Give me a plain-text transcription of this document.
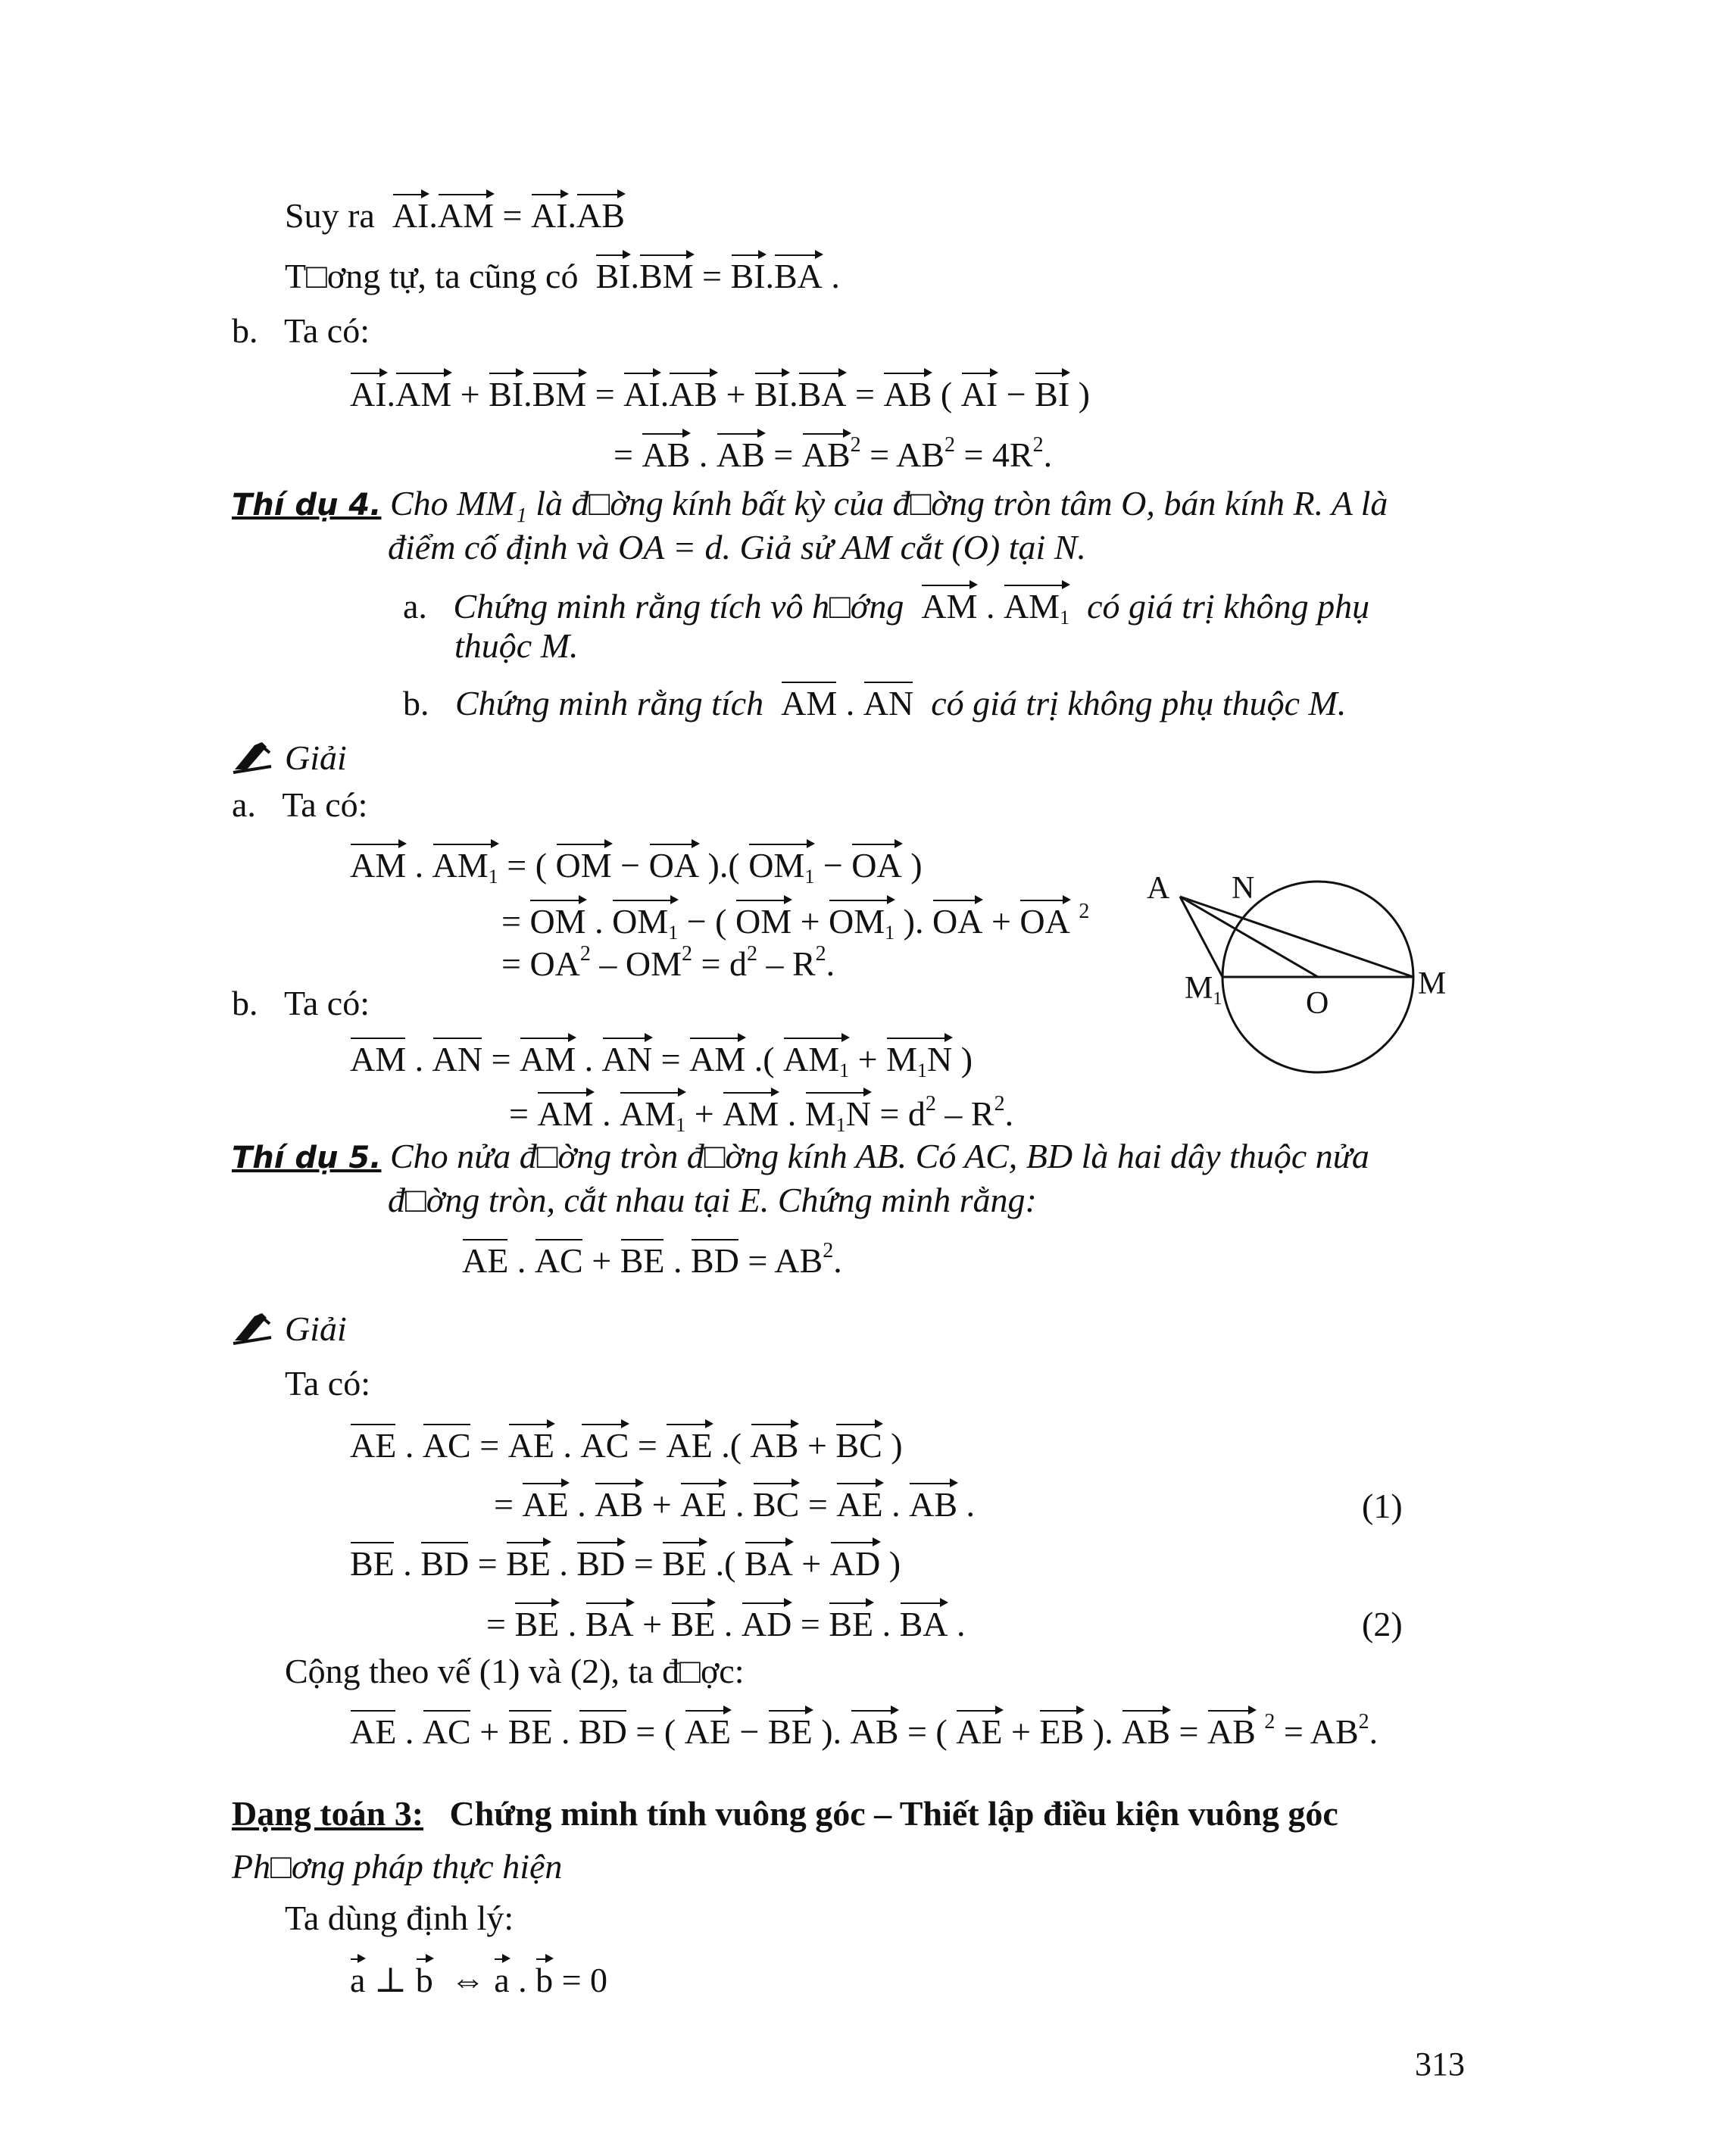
Suy ra AI.AM = AI.AB
T□ơng tự, ta cũng có BI.BM = BI.BA .
b. Ta có:
AI.AM + BI.BM = AI.AB + BI.BA = AB ( AI − BI )
= AB . AB = $AB^2 = AB^2 = 4R^2$.
Thí dụ 4. Cho MM₁ là đ□ờng kính bất kỳ của đ□ờng tròn tâm O, bán kính R. A là
điểm cố định và OA = d. Giả sử AM cắt (O) tại N.
a. Chứng minh rằng tích vô h□ớng AM . $AM_1$ có giá trị không phụ
thuộc M.
b. Chứng minh rằng tích AM . AN có giá trị không phụ thuộc M.
Giải
a. Ta có:
AM . $AM_1$ = ( OM − OA ).( $OM_1$ − OA )
= OM . $OM_1$ − ( OM + $OM_1$ ). OA + OA $^2$
= $OA^2 - OM^2 = d^2 - R^2$.
b. Ta có:
AM . AN = AM . AN = AM .( $AM_1 + M_1N$ )
= AM . $AM_1$ + AM . $M_1N = d^2 - R^2$.
A N
M1	O
M
Thí dụ 5. Cho nửa đ□ờng tròn đ□ờng kính AB. Có AC, BD là hai dây thuộc nửa
đ□ờng tròn, cắt nhau tại E. Chứng minh rằng:
AE . AC + BE . BD = $AB^2$.
Giải
Ta có:
AE . AC = AE . AC = AE .( AB + BC )
= AE . AB + AE . BC = AE . AB .	(1)
BE . BD = BE . BD = BE .( BA + AD )
= BE . BA + BE . AD = BE . BA .	(2)
Cộng theo vế (1) và (2), ta đ□ợc:
AE . AC + BE . BD = ( AE − BE ). AB = ( AE + EB ). AB = AB $^2 = AB^2$.
Dạng toán 3: Chứng minh tính vuông góc – Thiết lập điều kiện vuông góc
Ph□ơng pháp thực hiện
Ta dùng định lý:
a ⊥ b  ⇔ a . b = 0
313
